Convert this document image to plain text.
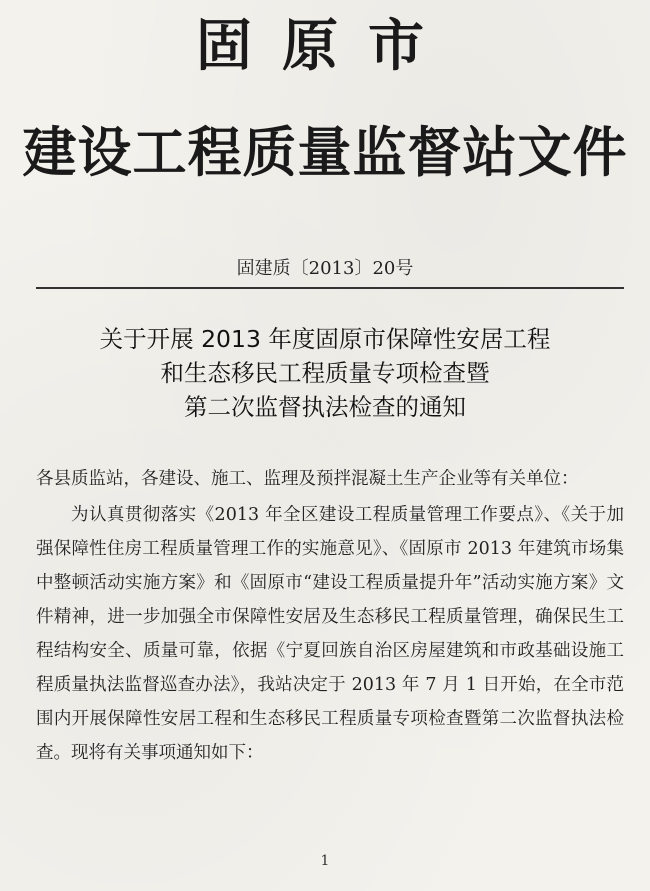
固原市
建设工程质量监督站文件
固建质〔2013〕20号
关于开展 2013 年度固原市保障性安居工程
和生态移民工程质量专项检查暨
第二次监督执法检查的通知

各县质监站，各建设、施工、监理及预拌混凝土生产企业等有关单位：

为认真贯彻落实《2013 年全区建设工程质量管理工作要点》、《关于加强保障性住房工程质量管理工作的实施意见》、《固原市 2013 年建筑市场集中整顿活动实施方案》和《固原市“建设工程质量提升年”活动实施方案》文件精神，进一步加强全市保障性安居及生态移民工程质量管理，确保民生工程结构安全、质量可靠，依据《宁夏回族自治区房屋建筑和市政基础设施工程质量执法监督巡查办法》，我站决定于 2013 年 7 月 1 日开始，在全市范围内开展保障性安居工程和生态移民工程质量专项检查暨第二次监督执法检查。现将有关事项通知如下：

1
